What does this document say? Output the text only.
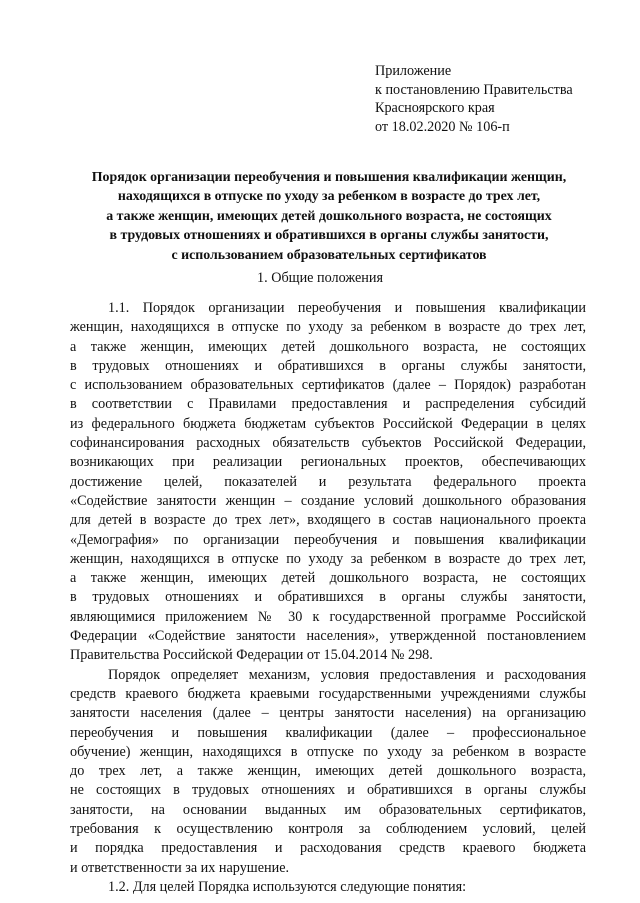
Приложение
к постановлению Правительства
Красноярского края
от 18.02.2020 № 106-п
Порядок организации переобучения и повышения квалификации женщин,
находящихся в отпуске по уходу за ребенком в возрасте до трех лет,
а также женщин, имеющих детей дошкольного возраста, не состоящих
в трудовых отношениях и обратившихся в органы службы занятости,
с использованием образовательных сертификатов
1. Общие положения
1.1. Порядок организации переобучения и повышения квалификации
женщин, находящихся в отпуске по уходу за ребенком в возрасте до трех лет,
а также женщин, имеющих детей дошкольного возраста, не состоящих
в трудовых отношениях и обратившихся в органы службы занятости,
с использованием образовательных сертификатов (далее – Порядок) разработан
в соответствии с Правилами предоставления и распределения субсидий
из федерального бюджета бюджетам субъектов Российской Федерации в целях
софинансирования расходных обязательств субъектов Российской Федерации,
возникающих при реализации региональных проектов, обеспечивающих
достижение целей, показателей и результата федерального проекта
«Содействие занятости женщин – создание условий дошкольного образования
для детей в возрасте до трех лет», входящего в состав национального проекта
«Демография» по организации переобучения и повышения квалификации
женщин, находящихся в отпуске по уходу за ребенком в возрасте до трех лет,
а также женщин, имеющих детей дошкольного возраста, не состоящих
в трудовых отношениях и обратившихся в органы службы занятости,
являющимися приложением № 30 к государственной программе Российской
Федерации «Содействие занятости населения», утвержденной постановлением
Правительства Российской Федерации от 15.04.2014 № 298.
Порядок определяет механизм, условия предоставления и расходования
средств краевого бюджета краевыми государственными учреждениями службы
занятости населения (далее – центры занятости населения) на организацию
переобучения и повышения квалификации (далее – профессиональное
обучение) женщин, находящихся в отпуске по уходу за ребенком в возрасте
до трех лет, а также женщин, имеющих детей дошкольного возраста,
не состоящих в трудовых отношениях и обратившихся в органы службы
занятости, на основании выданных им образовательных сертификатов,
требования к осуществлению контроля за соблюдением условий, целей
и порядка предоставления и расходования средств краевого бюджета
и ответственности за их нарушение.
1.2. Для целей Порядка используются следующие понятия:
